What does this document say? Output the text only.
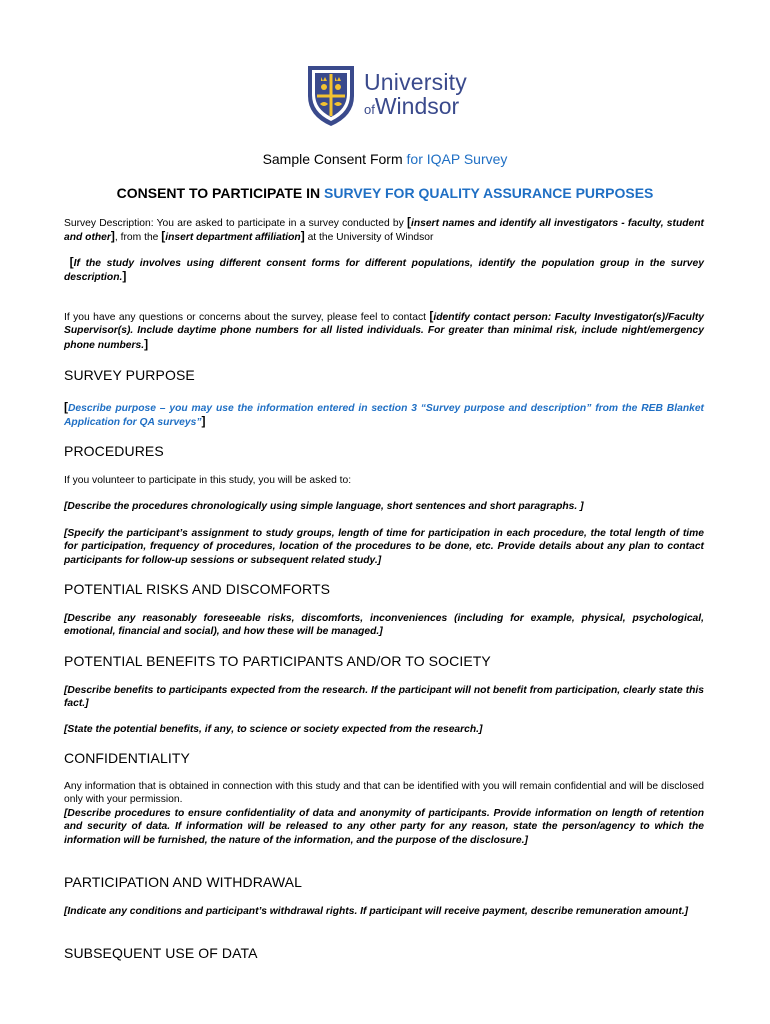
University
ofWindsor
Sample Consent Form for IQAP Survey
CONSENT TO PARTICIPATE IN SURVEY FOR QUALITY ASSURANCE PURPOSES
Survey Description: You are asked to participate in a survey conducted by [insert names and identify all investigators - faculty, student and other], from the [insert department affiliation] at the University of Windsor
[If the study involves using different consent forms for different populations, identify the population group in the survey description.]
If you have any questions or concerns about the survey, please feel to contact [identify contact person: Faculty Investigator(s)/Faculty Supervisor(s). Include daytime phone numbers for all listed individuals. For greater than minimal risk, include night/emergency phone numbers.]
SURVEY PURPOSE
[Describe purpose – you may use the information entered in section 3 “Survey purpose and description” from the REB Blanket Application for QA surveys”]
PROCEDURES
If you volunteer to participate in this study, you will be asked to:
[Describe the procedures chronologically using simple language, short sentences and short paragraphs. ]
[Specify the participant’s assignment to study groups, length of time for participation in each procedure, the total length of time for participation, frequency of procedures, location of the procedures to be done, etc. Provide details about any plan to contact participants for follow-up sessions or subsequent related study.]
POTENTIAL RISKS AND DISCOMFORTS
[Describe any reasonably foreseeable risks, discomforts, inconveniences (including for example, physical, psychological, emotional, financial and social), and how these will be managed.]
POTENTIAL BENEFITS TO PARTICIPANTS AND/OR TO SOCIETY
[Describe benefits to participants expected from the research. If the participant will not benefit from participation, clearly state this fact.]
[State the potential benefits, if any, to science or society expected from the research.]
CONFIDENTIALITY
Any information that is obtained in connection with this study and that can be identified with you will remain confidential and will be disclosed only with your permission.
[Describe procedures to ensure confidentiality of data and anonymity of participants. Provide information on length of retention and security of data. If information will be released to any other party for any reason, state the person/agency to which the information will be furnished, the nature of the information, and the purpose of the disclosure.]
PARTICIPATION AND WITHDRAWAL
[Indicate any conditions and participant’s withdrawal rights. If participant will receive payment, describe remuneration amount.]
SUBSEQUENT USE OF DATA
